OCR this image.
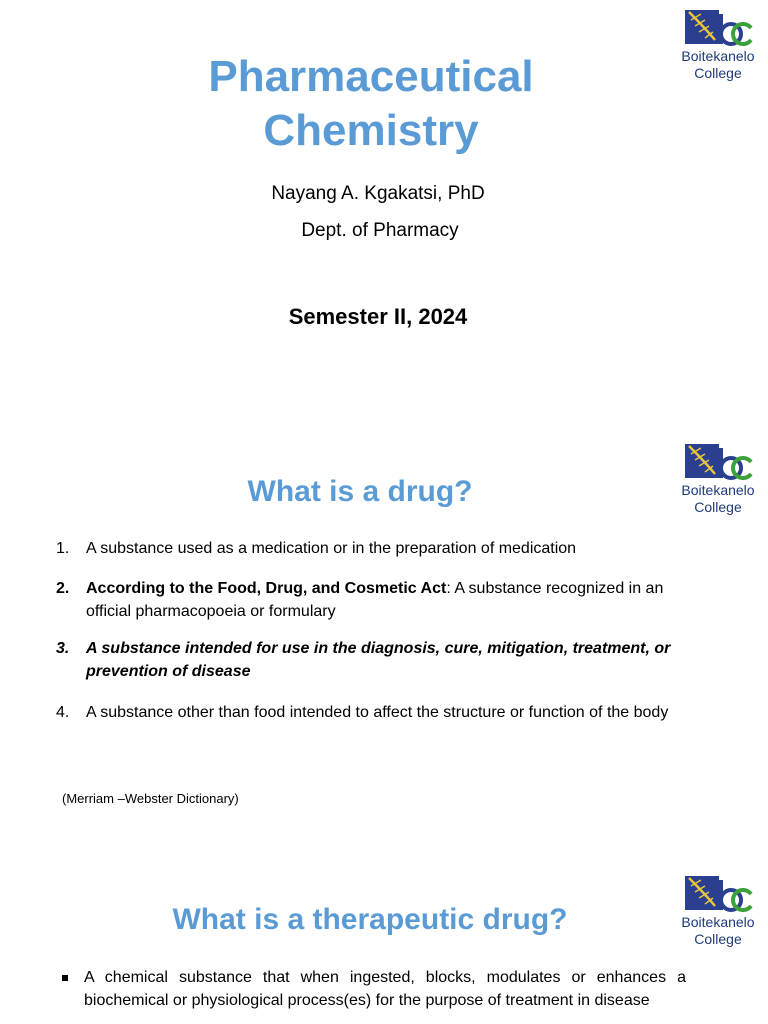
Pharmaceutical
Chemistry
Boitekanelo
College
Nayang A. Kgakatsi, PhD
Dept. of Pharmacy
Semester II, 2024
What is a drug?	Boitekanelo
College
1.	A substance used as a medication or in the preparation of medication
2.	According to the Food, Drug, and Cosmetic Act: A substance recognized in an official pharmacopoeia or formulary
3.	A substance intended for use in the diagnosis, cure, mitigation, treatment, or prevention of disease
4.	A substance other than food intended to affect the structure or function of the body
(Merriam –Webster Dictionary)
What is a therapeutic drug?	Boitekanelo
College
A chemical substance that when ingested, blocks, modulates or enhances a biochemical or physiological process(es) for the purpose of treatment in disease
